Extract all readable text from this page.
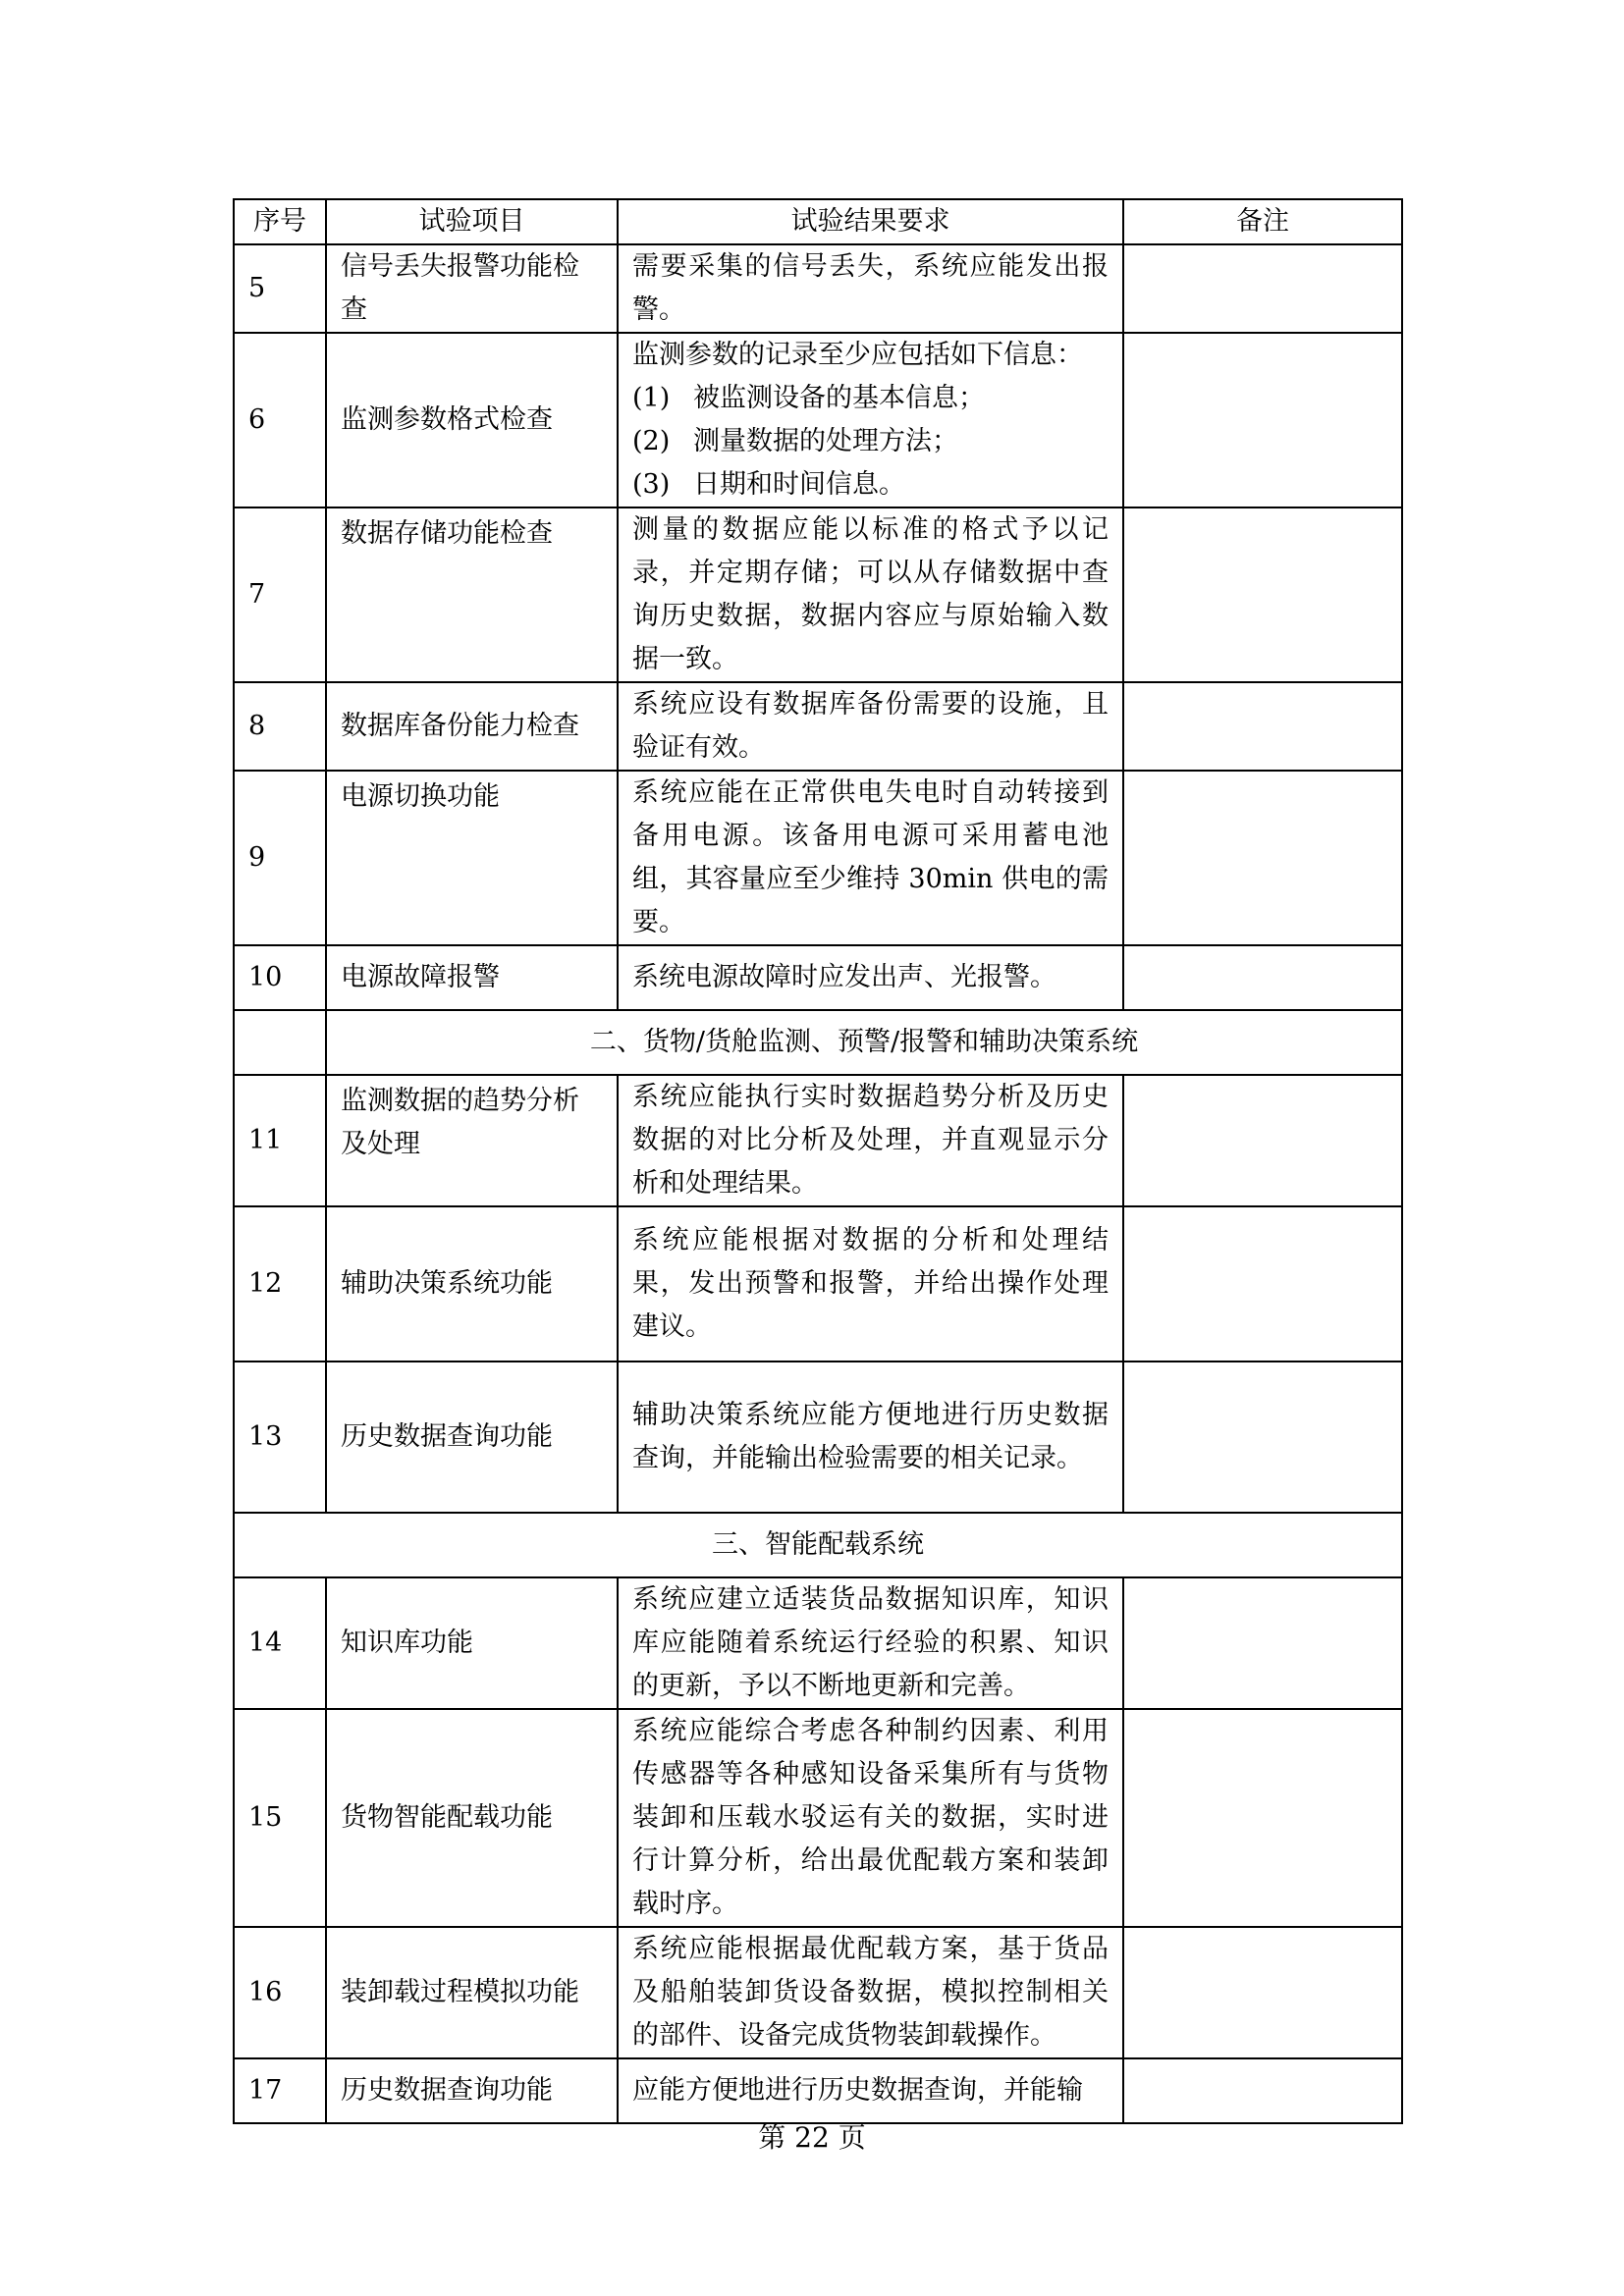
序号	试验项目	试验结果要求	备注
5	信号丢失报警功能检查	需要采集的信号丢失，系统应能发出报警。	
6	监测参数格式检查	监测参数的记录至少应包括如下信息：
(1) 被监测设备的基本信息；
(2) 测量数据的处理方法；
(3) 日期和时间信息。	

7	数据存储功能检查	测量的数据应能以标准的格式予以记录，并定期存储；可以从存储数据中查询历史数据，数据内容应与原始输入数据一致。	
8	数据库备份能力检查	系统应设有数据库备份需要的设施，且验证有效。	
9	电源切换功能	系统应能在正常供电失电时自动转接到备用电源。该备用电源可采用蓄电池组，其容量应至少维持 30min 供电的需要。	
10	电源故障报警	系统电源故障时应发出声、光报警。	
	二、货物/货舱监测、预警/报警和辅助决策系统		
11	监测数据的趋势分析及处理	系统应能执行实时数据趋势分析及历史数据的对比分析及处理，并直观显示分析和处理结果。	
12	辅助决策系统功能	系统应能根据对数据的分析和处理结果，发出预警和报警，并给出操作处理建议。	
13	历史数据查询功能	辅助决策系统应能方便地进行历史数据查询，并能输出检验需要的相关记录。	
三、智能配载系统			
14	知识库功能	系统应建立适装货品数据知识库，知识库应能随着系统运行经验的积累、知识的更新，予以不断地更新和完善。	
15	货物智能配载功能	系统应能综合考虑各种制约因素、利用传感器等各种感知设备采集所有与货物装卸和压载水驳运有关的数据，实时进行计算分析，给出最优配载方案和装卸载时序。	
16	装卸载过程模拟功能	系统应能根据最优配载方案，基于货品及船舶装卸货设备数据，模拟控制相关的部件、设备完成货物装卸载操作。	
17	历史数据查询功能	应能方便地进行历史数据查询，并能输	
第 22 页
